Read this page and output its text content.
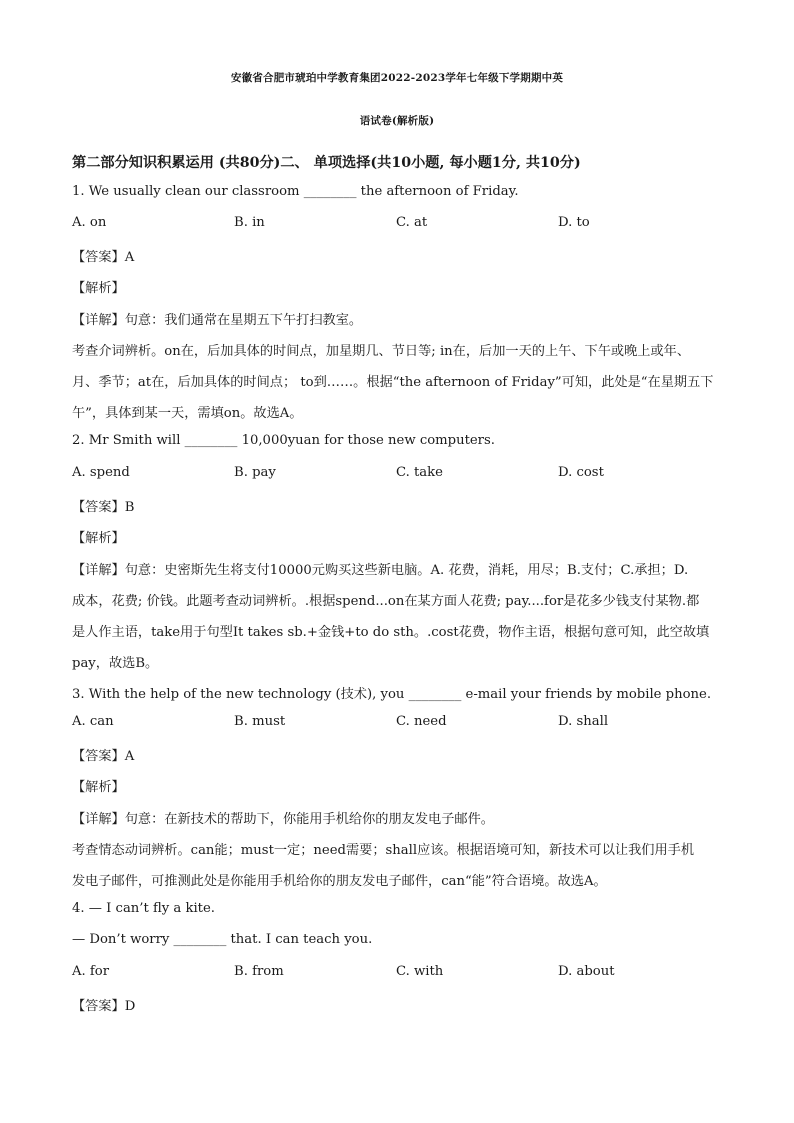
安徽省合肥市琥珀中学教育集团2022-2023学年七年级下学期期中英
语试卷(解析版)
第二部分知识积累运用 (共80分)二、 单项选择(共10小题, 每小题1分, 共10分)
1. We usually clean our classroom ________ the afternoon of Friday.
A. on	B. in	C. at	D. to
【答案】A
【解析】
【详解】句意：我们通常在星期五下午打扫教室。
考查介词辨析。on在，后加具体的时间点，加星期几、节日等; in在，后加一天的上午、下午或晚上或年、
月、季节；at在，后加具体的时间点； to到……。根据“the afternoon of Friday”可知，此处是“在星期五下
午”，具体到某一天，需填on。故选A。
2. Mr Smith will ________ 10,000yuan for those new computers.
A. spend	B. pay	C. take	D. cost
【答案】B
【解析】
【详解】句意：史密斯先生将支付10000元购买这些新电脑。A. 花费，消耗，用尽；B.支付；C.承担；D.
成本，花费; 价钱。此题考查动词辨析。.根据spend...on在某方面人花费; pay....for是花多少钱支付某物.都
是人作主语，take用于句型It takes sb.+金钱+to do sth。.cost花费，物作主语，根据句意可知，此空故填
pay，故选B。
3. With the help of the new technology (技术), you ________ e-mail your friends by mobile phone.
A. can	B. must	C. need	D. shall
【答案】A
【解析】
【详解】句意：在新技术的帮助下，你能用手机给你的朋友发电子邮件。
考查情态动词辨析。can能；must一定；need需要；shall应该。根据语境可知，新技术可以让我们用手机
发电子邮件，可推测此处是你能用手机给你的朋友发电子邮件，can“能”符合语境。故选A。
4. — I can’t fly a kite.
— Don’t worry ________ that. I can teach you.
A. for	B. from	C. with	D. about
【答案】D
